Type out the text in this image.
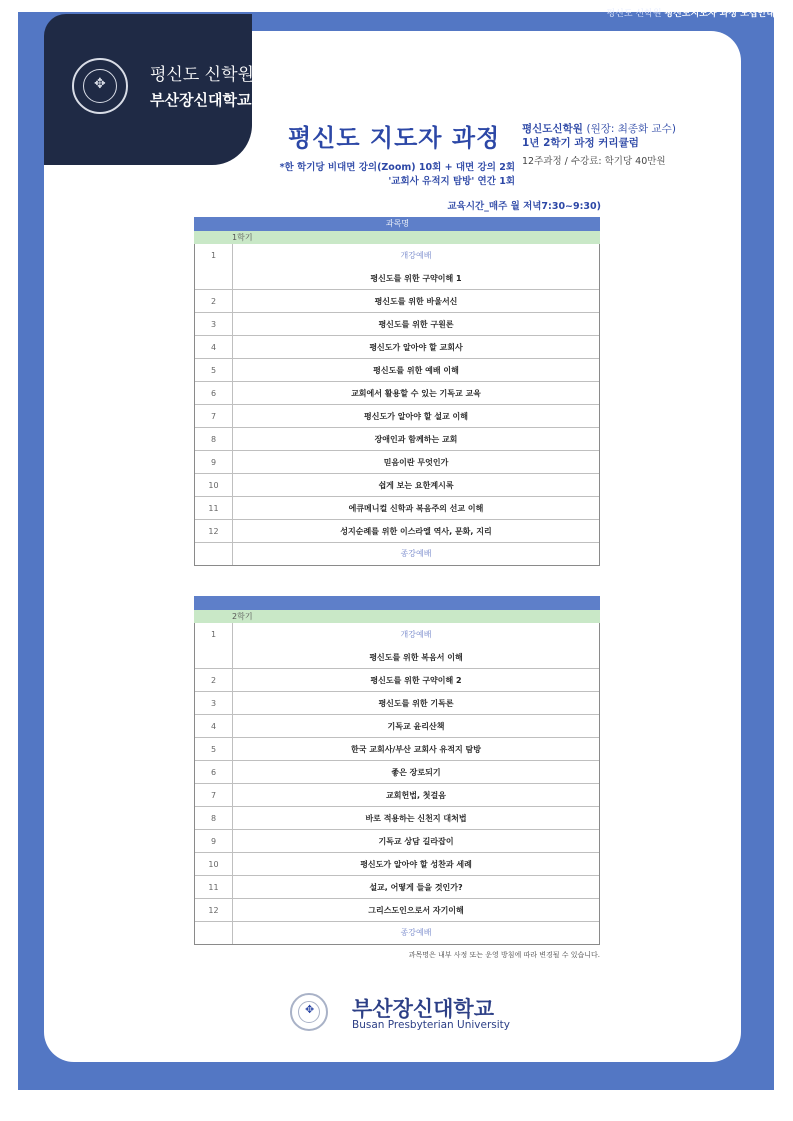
평신도 신학원 평신도지도자 과정 모집안내
✥	평신도 신학원
부산장신대학교
평신도 지도자 과정 평신도신학원 (원장: 최종화 교수)
1년 2학기 과정 커리큘럼
12주과정 / 수강료: 학기당 40만원
*한 학기당 비대면 강의(Zoom) 10회 + 대면 강의 2회
'교회사 유적지 탐방' 연간 1회
교육시간_매주 월 저녁7:30~9:30)
과목명
1학기
1	개강예배
평신도를 위한 구약이해 1
2	평신도를 위한 바울서신
3	평신도를 위한 구원론
4	평신도가 알아야 할 교회사
5	평신도를 위한 예배 이해
6	교회에서 활용할 수 있는 기독교 교육
7	평신도가 알아야 할 설교 이해
8	장애인과 함께하는 교회
9	믿음이란 무엇인가
10	쉽게 보는 요한계시록
11	에큐메니컬 신학과 복음주의 선교 이해
12	성지순례를 위한 이스라엘 역사, 문화, 지리
종강예배
2학기
1	개강예배
평신도를 위한 복음서 이해
2	평신도를 위한 구약이해 2
3	평신도를 위한 기독론
4	기독교 윤리산책
5	한국 교회사/부산 교회사 유적지 탐방
6	좋은 장로되기
7	교회헌법, 첫걸음
8	바로 적용하는 신천지 대처법
9	기독교 상담 길라잡이
10	평신도가 알아야 할 성찬과 세례
11	설교, 어떻게 들을 것인가?
12	그리스도인으로서 자기이해
종강예배
과목명은 내부 사정 또는 운영 방침에 따라 변경될 수 있습니다.
✥ 부산장신대학교
Busan Presbyterian University
